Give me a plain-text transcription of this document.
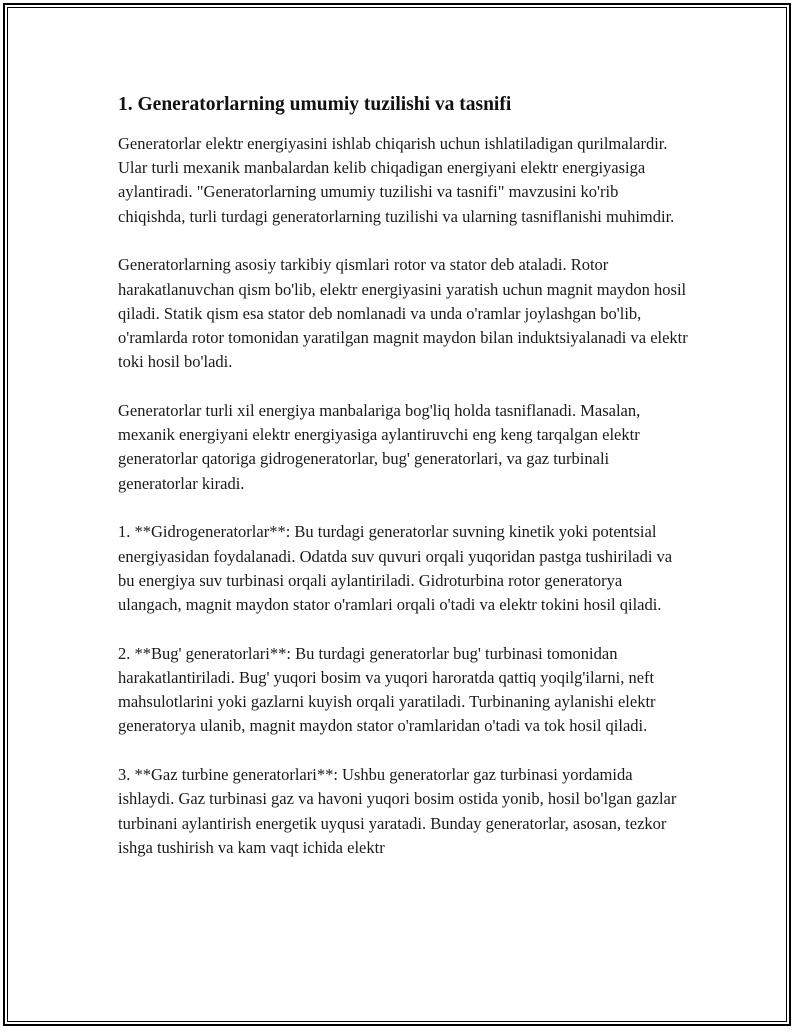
1. Generatorlarning umumiy tuzilishi va tasnifi

Generatorlar elektr energiyasini ishlab chiqarish uchun ishlatiladigan qurilmalardir. Ular turli mexanik manbalardan kelib chiqadigan energiyani elektr energiyasiga aylantiradi. "Generatorlarning umumiy tuzilishi va tasnifi" mavzusini ko'rib chiqishda, turli turdagi generatorlarning tuzilishi va ularning tasniflanishi muhimdir.

Generatorlarning asosiy tarkibiy qismlari rotor va stator deb ataladi. Rotor harakatlanuvchan qism bo'lib, elektr energiyasini yaratish uchun magnit maydon hosil qiladi. Statik qism esa stator deb nomlanadi va unda o'ramlar joylashgan bo'lib, o'ramlarda rotor tomonidan yaratilgan magnit maydon bilan induktsiyalanadi va elektr toki hosil bo'ladi.

Generatorlar turli xil energiya manbalariga bog'liq holda tasniflanadi. Masalan, mexanik energiyani elektr energiyasiga aylantiruvchi eng keng tarqalgan elektr generatorlar qatoriga gidrogeneratorlar, bug' generatorlari, va gaz turbinali generatorlar kiradi.

1. **Gidrogeneratorlar**: Bu turdagi generatorlar suvning kinetik yoki potentsial energiyasidan foydalanadi. Odatda suv quvuri orqali yuqoridan pastga tushiriladi va bu energiya suv turbinasi orqali aylantiriladi. Gidroturbina rotor generatorya ulangach, magnit maydon stator o'ramlari orqali o'tadi va elektr tokini hosil qiladi.

2. **Bug' generatorlari**: Bu turdagi generatorlar bug' turbinasi tomonidan harakatlantiriladi. Bug' yuqori bosim va yuqori haroratda qattiq yoqilg'ilarni, neft mahsulotlarini yoki gazlarni kuyish orqali yaratiladi. Turbinaning aylanishi elektr generatorya ulanib, magnit maydon stator o'ramlaridan o'tadi va tok hosil qiladi.

3. **Gaz turbine generatorlari**: Ushbu generatorlar gaz turbinasi yordamida ishlaydi. Gaz turbinasi gaz va havoni yuqori bosim ostida yonib, hosil bo'lgan gazlar turbinani aylantirish energetik uyqusi yaratadi. Bunday generatorlar, asosan, tezkor ishga tushirish va kam vaqt ichida elektr
